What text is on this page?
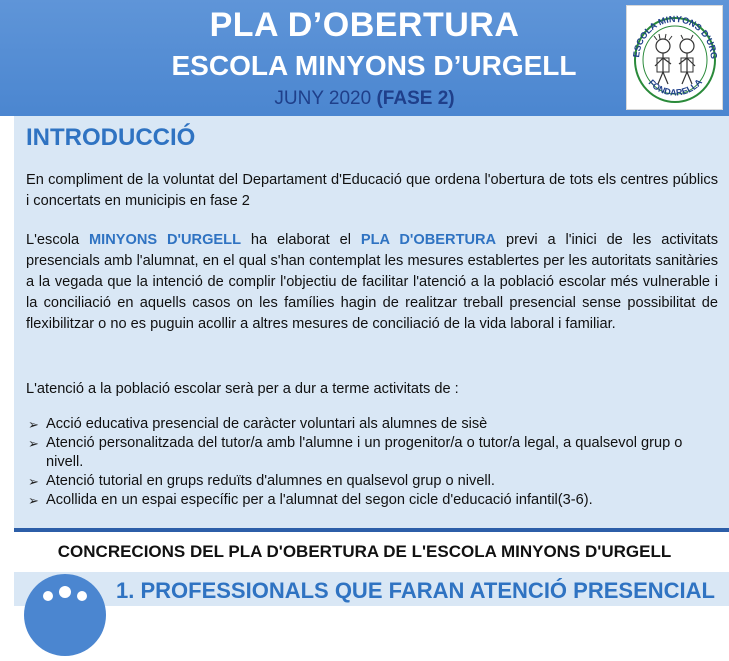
PLA D’OBERTURA
ESCOLA MINYONS D’URGELL
JUNY 2020 (FASE 2)
ESCOLA MINYONS D'URG
FONDARELLA
INTRODUCCIÓ
En compliment de la voluntat del Departament d'Educació que ordena l'obertura de tots els centres públics i concertats en municipis en fase 2
L'escola MINYONS D'URGELL ha elaborat el PLA D'OBERTURA previ a l'inici de les activitats presencials amb l'alumnat, en el qual s'han contemplat les mesures establertes per les autoritats sanitàries a la vegada que la intenció de complir l'objectiu de facilitar l'atenció a la població escolar més vulnerable i la conciliació en aquells casos on les famílies hagin de realitzar treball presencial sense possibilitat de flexibilitzar o no es puguin acollir a altres mesures de conciliació de la vida laboral i familiar.
L'atenció a la població escolar serà per a dur a terme activitats de :
➢ Acció educativa presencial de caràcter voluntari als alumnes de sisè
➢ Atenció personalitzada del tutor/a amb l'alumne i un progenitor/a o tutor/a legal, a qualsevol grup o nivell.
➢ Atenció tutorial en grups reduïts d'alumnes en qualsevol grup o nivell.
➢ Acollida en un espai específic per a l'alumnat del segon cicle d'educació infantil(3-6).
CONCRECIONS DEL PLA D'OBERTURA DE L'ESCOLA MINYONS D'URGELL
1. PROFESSIONALS QUE FARAN ATENCIÓ PRESENCIAL
